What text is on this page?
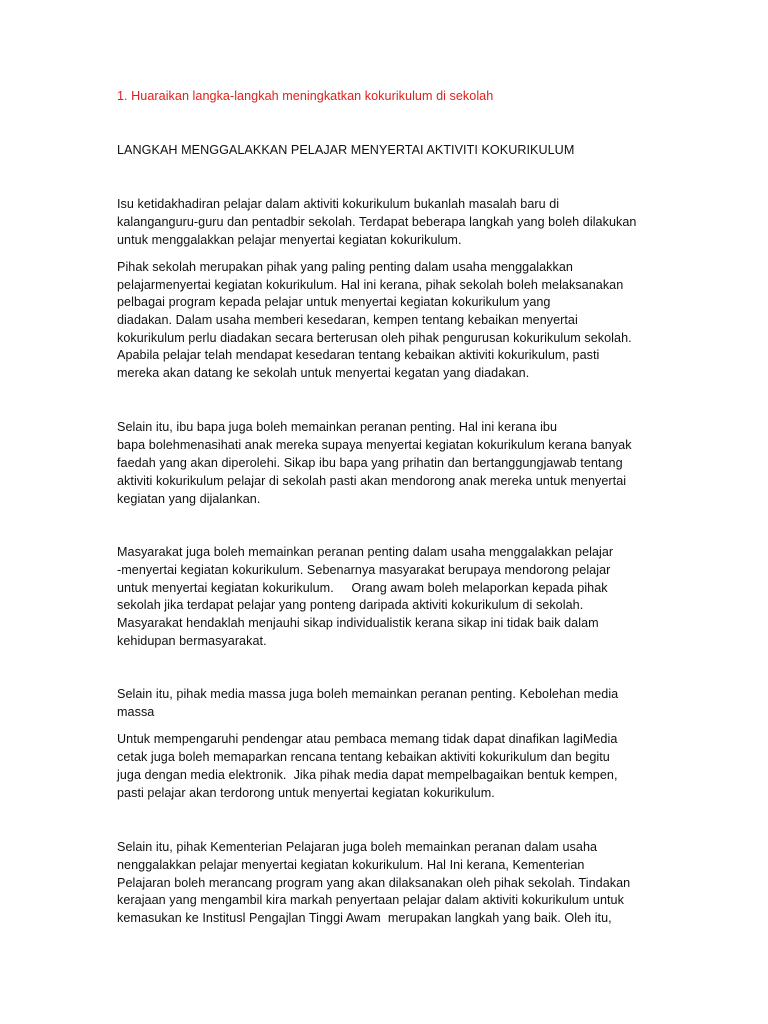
1. Huaraikan langka-langkah meningkatkan kokurikulum di sekolah
LANGKAH MENGGALAKKAN PELAJAR MENYERTAI AKTIVITI KOKURIKULUM
Isu ketidakhadiran pelajar dalam aktiviti kokurikulum bukanlah masalah baru di
kalanganguru-guru dan pentadbir sekolah. Terdapat beberapa langkah yang boleh dilakukan
untuk menggalakkan pelajar menyertai kegiatan kokurikulum.
Pihak sekolah merupakan pihak yang paling penting dalam usaha menggalakkan
pelajarmenyertai kegiatan kokurikulum. Hal ini kerana, pihak sekolah boleh melaksanakan
pelbagai program kepada pelajar untuk menyertai kegiatan kokurikulum yang
diadakan. Dalam usaha memberi kesedaran, kempen tentang kebaikan menyertai
kokurikulum perlu diadakan secara berterusan oleh pihak pengurusan kokurikulum sekolah.
Apabila pelajar telah mendapat kesedaran tentang kebaikan aktiviti kokurikulum, pasti
mereka akan datang ke sekolah untuk menyertai kegatan yang diadakan.
Selain itu, ibu bapa juga boleh memainkan peranan penting. Hal ini kerana ibu
bapa bolehmenasihati anak mereka supaya menyertai kegiatan kokurikulum kerana banyak
faedah yang akan diperolehi. Sikap ibu bapa yang prihatin dan bertanggungjawab tentang
aktiviti kokurikulum pelajar di sekolah pasti akan mendorong anak mereka untuk menyertai
kegiatan yang dijalankan.
Masyarakat juga boleh memainkan peranan penting dalam usaha menggalakkan pelajar
-menyertai kegiatan kokurikulum. Sebenarnya masyarakat berupaya mendorong pelajar
untuk menyertai kegiatan kokurikulum.     Orang awam boleh melaporkan kepada pihak
sekolah jika terdapat pelajar yang ponteng daripada aktiviti kokurikulum di sekolah.
Masyarakat hendaklah menjauhi sikap individualistik kerana sikap ini tidak baik dalam
kehidupan bermasyarakat.
Selain itu, pihak media massa juga boleh memainkan peranan penting. Kebolehan media
massa
Untuk mempengaruhi pendengar atau pembaca memang tidak dapat dinafikan lagiMedia
cetak juga boleh memaparkan rencana tentang kebaikan aktiviti kokurikulum dan begitu
juga dengan media elektronik.  Jika pihak media dapat mempelbagaikan bentuk kempen,
pasti pelajar akan terdorong untuk menyertai kegiatan kokurikulum.
Selain itu, pihak Kementerian Pelajaran juga boleh memainkan peranan dalam usaha
nenggalakkan pelajar menyertai kegiatan kokurikulum. Hal Ini kerana, Kementerian
Pelajaran boleh merancang program yang akan dilaksanakan oleh pihak sekolah. Tindakan
kerajaan yang mengambil kira markah penyertaan pelajar dalam aktiviti kokurikulum untuk
kemasukan ke Institusl Pengajlan Tinggi Awam  merupakan langkah yang baik. Oleh itu,
